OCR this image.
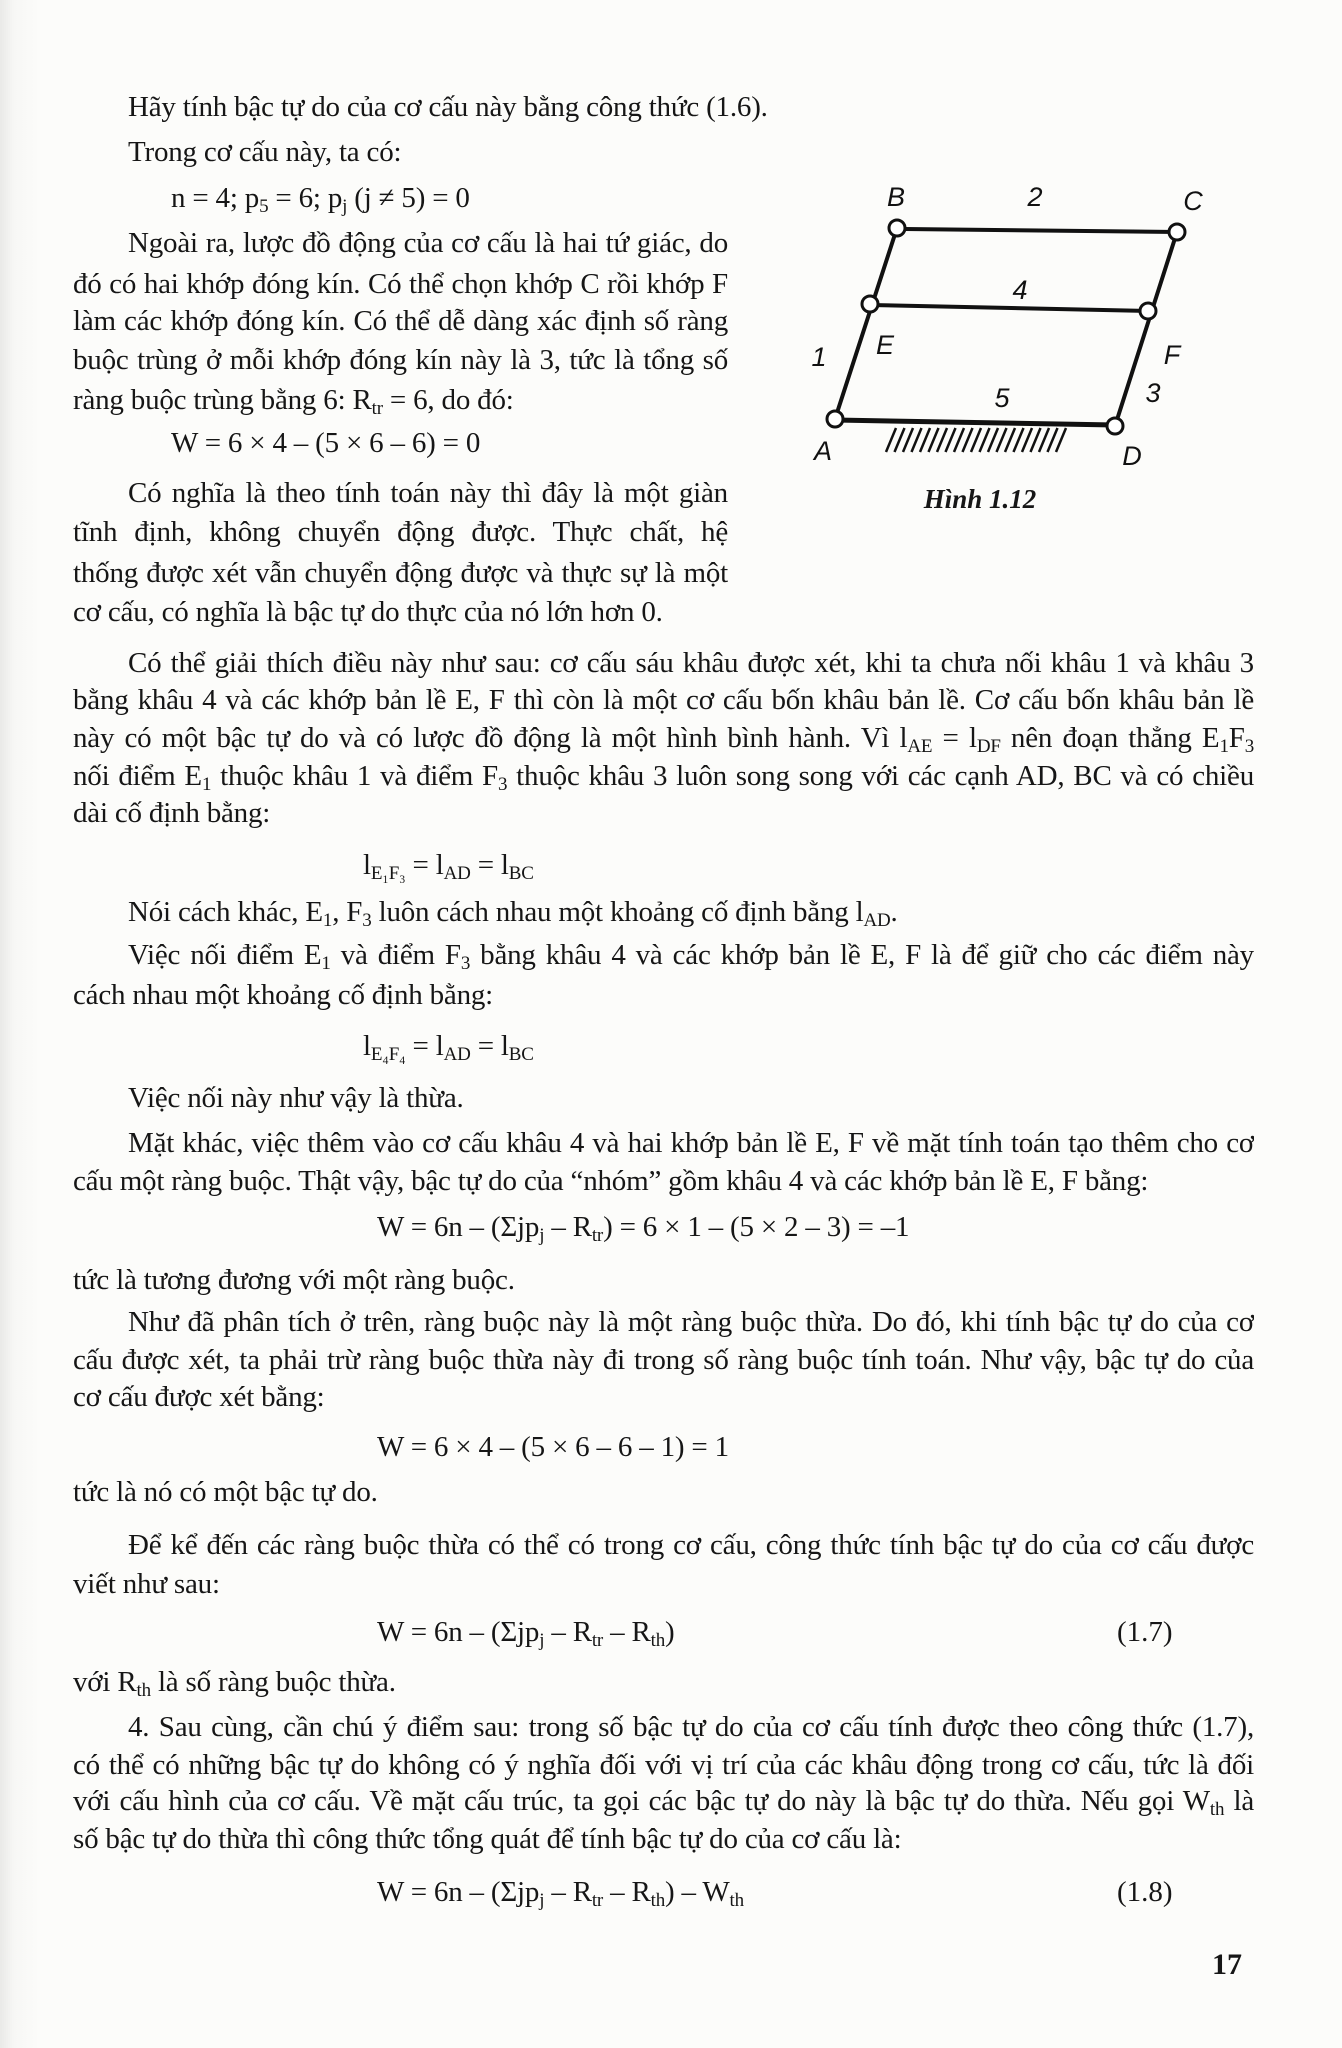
Hãy tính bậc tự do của cơ cấu này bằng công thức (1.6).
Trong cơ cấu này, ta có:
n = 4; $p_5 = 6$; $p_j$ (j ≠ 5) = 0
Ngoài ra, lược đồ động của cơ cấu là hai tứ giác, do
đó có hai khớp đóng kín. Có thể chọn khớp C rồi khớp F
làm các khớp đóng kín. Có thể dễ dàng xác định số ràng
buộc trùng ở mỗi khớp đóng kín này là 3, tức là tổng số
ràng buộc trùng bằng 6: $R_{tr} = 6$, do đó:
W = 6 × 4 – (5 × 6 – 6) = 0
Có nghĩa là theo tính toán này thì đây là một giàn
tĩnh định, không chuyển động được. Thực chất, hệ
thống được xét vẫn chuyển động được và thực sự là một
cơ cấu, có nghĩa là bậc tự do thực của nó lớn hơn 0.
Có thể giải thích điều này như sau: cơ cấu sáu khâu được xét, khi ta chưa nối khâu 1 và khâu 3
bằng khâu 4 và các khớp bản lề E, F thì còn là một cơ cấu bốn khâu bản lề. Cơ cấu bốn khâu bản lề
này có một bậc tự do và có lược đồ động là một hình bình hành. Vì $l_{AE} = l_{DF}$ nên đoạn thẳng $E_1F_3$
nối điểm $E_1$ thuộc khâu 1 và điểm $F_3$ thuộc khâu 3 luôn song song với các cạnh AD, BC và có chiều
dài cố định bằng:
$l_{E_1F_3} = l_{AD} = l_{BC}$
Nói cách khác, $E_1$, $F_3$ luôn cách nhau một khoảng cố định bằng $l_{AD}$.
Việc nối điểm $E_1$ và điểm $F_3$ bằng khâu 4 và các khớp bản lề E, F là để giữ cho các điểm này
cách nhau một khoảng cố định bằng:
$l_{E_4F_4} = l_{AD} = l_{BC}$
Việc nối này như vậy là thừa.
Mặt khác, việc thêm vào cơ cấu khâu 4 và hai khớp bản lề E, F về mặt tính toán tạo thêm cho cơ
cấu một ràng buộc. Thật vậy, bậc tự do của “nhóm” gồm khâu 4 và các khớp bản lề E, F bằng:
$W = 6n - (\Sigma jp_j - R_{tr}) = 6 \times 1 - (5 \times 2 - 3) = -1$
tức là tương đương với một ràng buộc.
Như đã phân tích ở trên, ràng buộc này là một ràng buộc thừa. Do đó, khi tính bậc tự do của cơ
cấu được xét, ta phải trừ ràng buộc thừa này đi trong số ràng buộc tính toán. Như vậy, bậc tự do của
cơ cấu được xét bằng:
W = 6 × 4 – (5 × 6 – 6 – 1) = 1
tức là nó có một bậc tự do.
Để kể đến các ràng buộc thừa có thể có trong cơ cấu, công thức tính bậc tự do của cơ cấu được
viết như sau:
$W = 6n - (\Sigma jp_j - R_{tr} - R_{th})$	(1.7)
với $R_{th}$ là số ràng buộc thừa.
4. Sau cùng, cần chú ý điểm sau: trong số bậc tự do của cơ cấu tính được theo công thức (1.7),
có thể có những bậc tự do không có ý nghĩa đối với vị trí của các khâu động trong cơ cấu, tức là đối
với cấu hình của cơ cấu. Về mặt cấu trúc, ta gọi các bậc tự do này là bậc tự do thừa. Nếu gọi $W_{th}$ là
số bậc tự do thừa thì công thức tổng quát để tính bậc tự do của cơ cấu là:
$W = 6n - (\Sigma jp_j - R_{tr} - R_{th}) - W_{th}$	(1.8)
B	2	C
4
E
1	F
5	3
A	D
Hình 1.12
17
